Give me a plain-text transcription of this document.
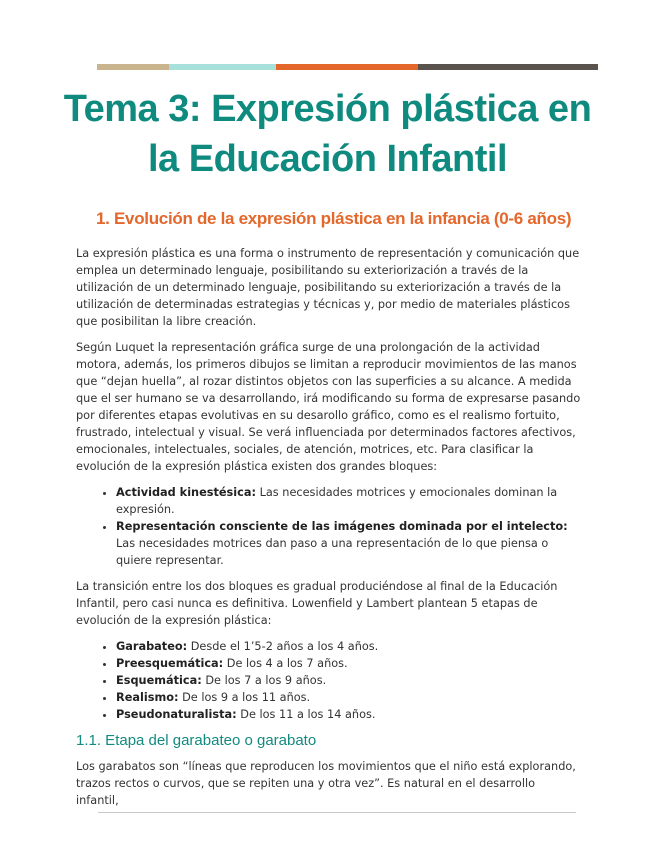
Tema 3: Expresión plástica en la Educación Infantil
1. Evolución de la expresión plástica en la infancia (0-6 años)

La expresión plástica es una forma o instrumento de representación y comunicación que emplea un determinado lenguaje, posibilitando su exteriorización a través de la utilización de un determinado lenguaje, posibilitando su exteriorización a través de la utilización de determinadas estrategias y técnicas y, por medio de materiales plásticos que posibilitan la libre creación.

Según Luquet la representación gráfica surge de una prolongación de la actividad motora, además, los primeros dibujos se limitan a reproducir movimientos de las manos que “dejan huella”, al rozar distintos objetos con las superficies a su alcance. A medida que el ser humano se va desarrollando, irá modificando su forma de expresarse pasando por diferentes etapas evolutivas en su desarollo gráfico, como es el realismo fortuito, frustrado, intelectual y visual. Se verá influenciada por determinados factores afectivos, emocionales, intelectuales, sociales, de atención, motrices, etc. Para clasificar la evolución de la expresión plástica existen dos grandes bloques:

• Actividad kinestésica: Las necesidades motrices y emocionales dominan la expresión.
• Representación consciente de las imágenes dominada por el intelecto: Las necesidades motrices dan paso a una representación de lo que piensa o quiere representar.

La transición entre los dos bloques es gradual produciéndose al final de la Educación Infantil, pero casi nunca es definitiva. Lowenfield y Lambert plantean 5 etapas de evolución de la expresión plástica:

• Garabateo: Desde el 1’5-2 años a los 4 años.
• Preesquemática: De los 4 a los 7 años.
• Esquemática: De los 7 a los 9 años.
• Realismo: De los 9 a los 11 años.
• Pseudonaturalista: De los 11 a los 14 años.
1.1. Etapa del garabateo o garabato

Los garabatos son “líneas que reproducen los movimientos que el niño está explorando, trazos rectos o curvos, que se repiten una y otra vez”. Es natural en el desarrollo infantil,
